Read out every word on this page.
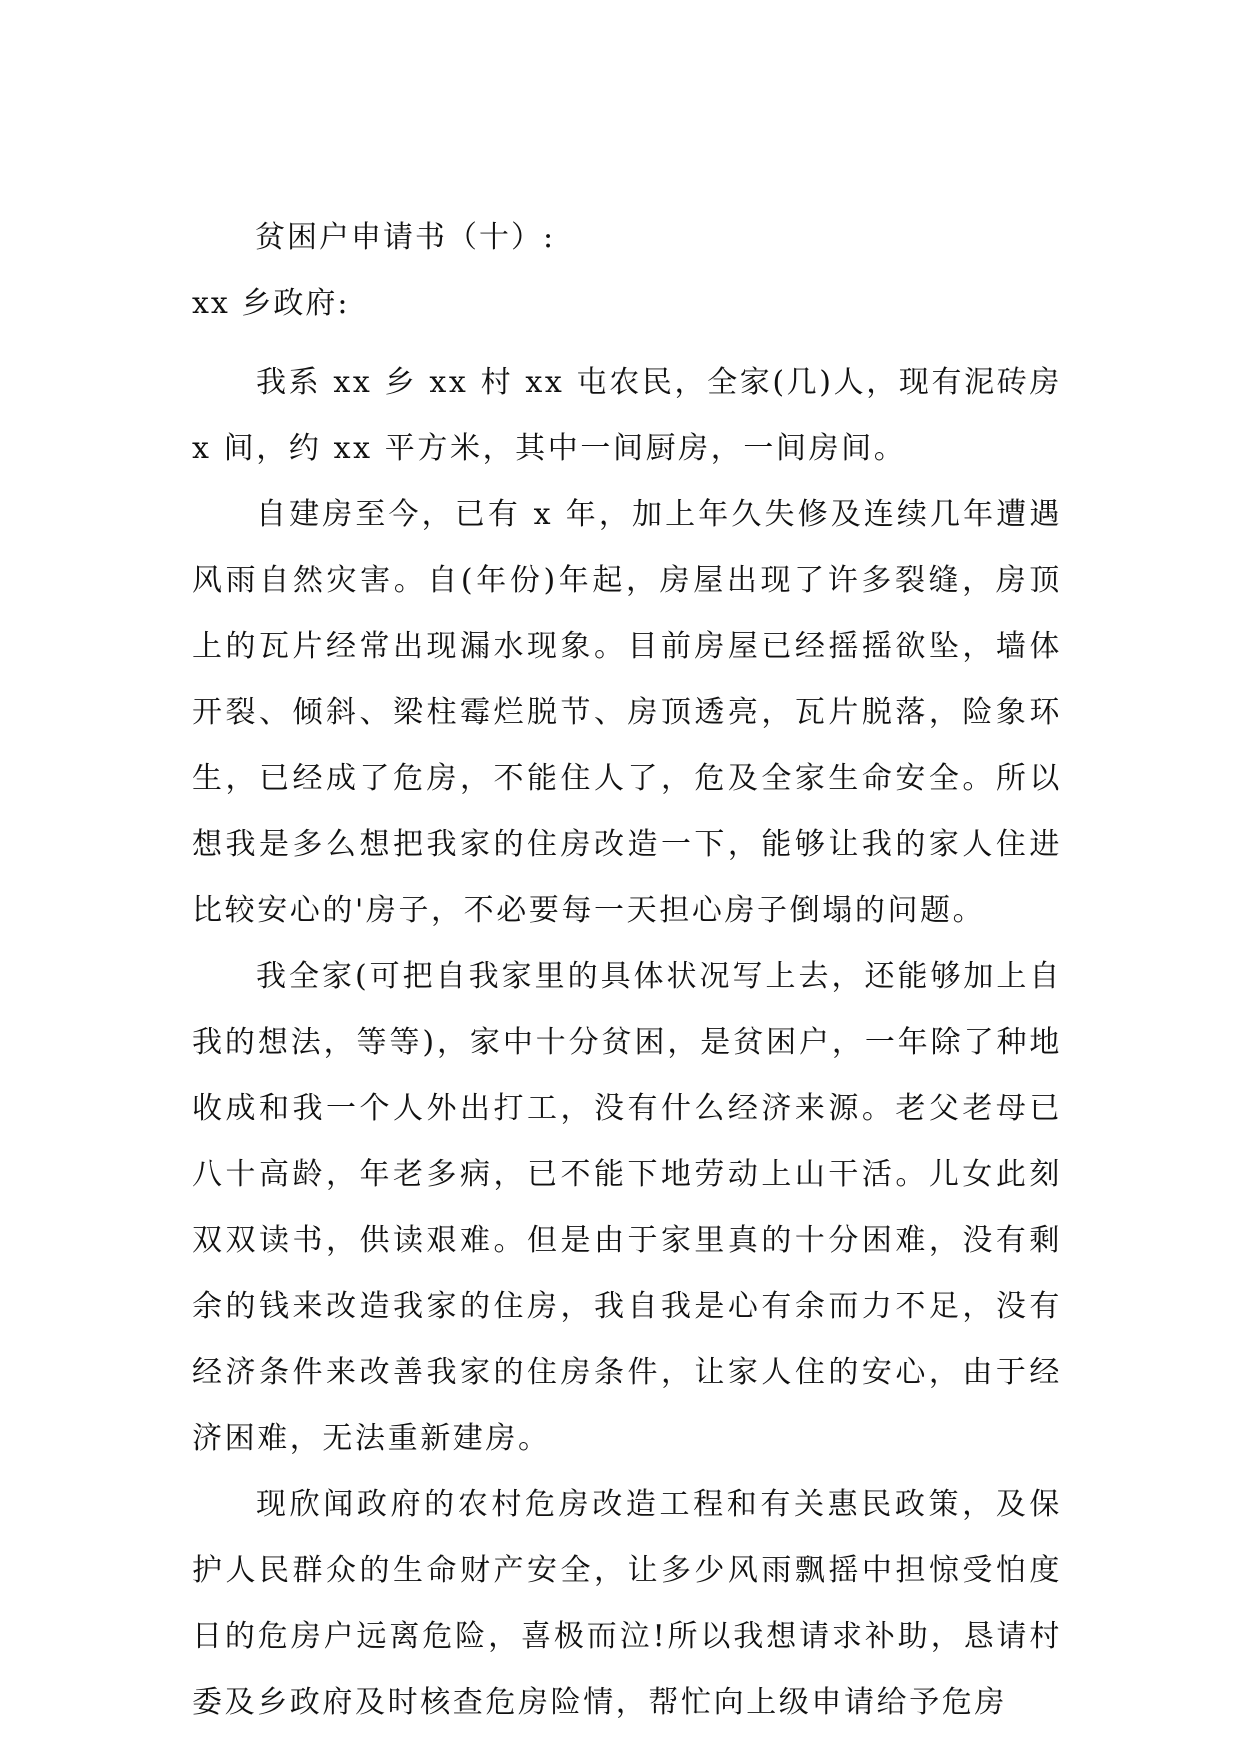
贫困户申请书（十）:
xx 乡政府:

我系 xx 乡 xx 村 xx 屯农民，全家(几)人，现有泥砖房 x 间，约 xx 平方米，其中一间厨房，一间房间。

自建房至今，已有 x 年，加上年久失修及连续几年遭遇风雨自然灾害。自(年份)年起，房屋出现了许多裂缝，房顶上的瓦片经常出现漏水现象。目前房屋已经摇摇欲坠，墙体开裂、倾斜、梁柱霉烂脱节、房顶透亮，瓦片脱落，险象环生，已经成了危房，不能住人了，危及全家生命安全。所以想我是多么想把我家的住房改造一下，能够让我的家人住进比较安心的'房子，不必要每一天担心房子倒塌的问题。

我全家(可把自我家里的具体状况写上去，还能够加上自我的想法，等等)，家中十分贫困，是贫困户，一年除了种地收成和我一个人外出打工，没有什么经济来源。老父老母已八十高龄，年老多病，已不能下地劳动上山干活。儿女此刻双双读书，供读艰难。但是由于家里真的十分困难，没有剩余的钱来改造我家的住房，我自我是心有余而力不足，没有经济条件来改善我家的住房条件，让家人住的安心，由于经济困难，无法重新建房。

现欣闻政府的农村危房改造工程和有关惠民政策，及保护人民群众的生命财产安全，让多少风雨飘摇中担惊受怕度日的危房户远离危险，喜极而泣!所以我想请求补助，恳请村委及乡政府及时核查危房险情，帮忙向上级申请给予危房
